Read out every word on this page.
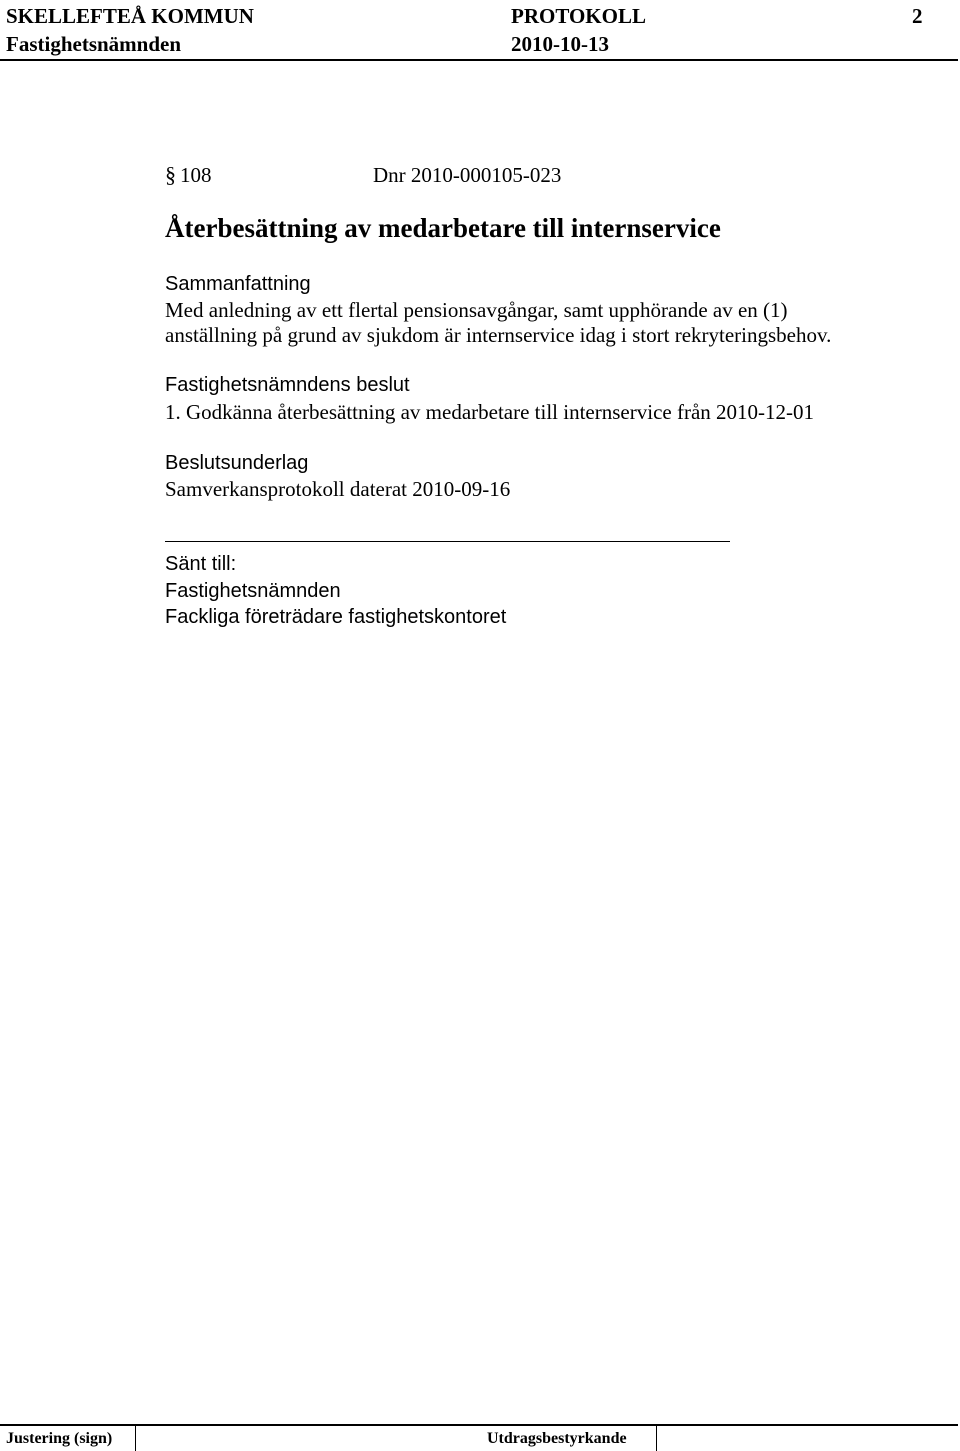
SKELLEFTEÅ KOMMUN	PROTOKOLL	2
Fastighetsnämnden	2010-10-13
§ 108	Dnr 2010-000105-023
Återbesättning av medarbetare till internservice
Sammanfattning
Med anledning av ett flertal pensionsavgångar, samt upphörande av en (1)
anställning på grund av sjukdom är internservice idag i stort rekryteringsbehov.
Fastighetsnämndens beslut
1. Godkänna återbesättning av medarbetare till internservice från 2010-12-01
Beslutsunderlag
Samverkansprotokoll daterat 2010-09-16
Sänt till:
Fastighetsnämnden
Fackliga företrädare fastighetskontoret
Justering (sign)	Utdragsbestyrkande
